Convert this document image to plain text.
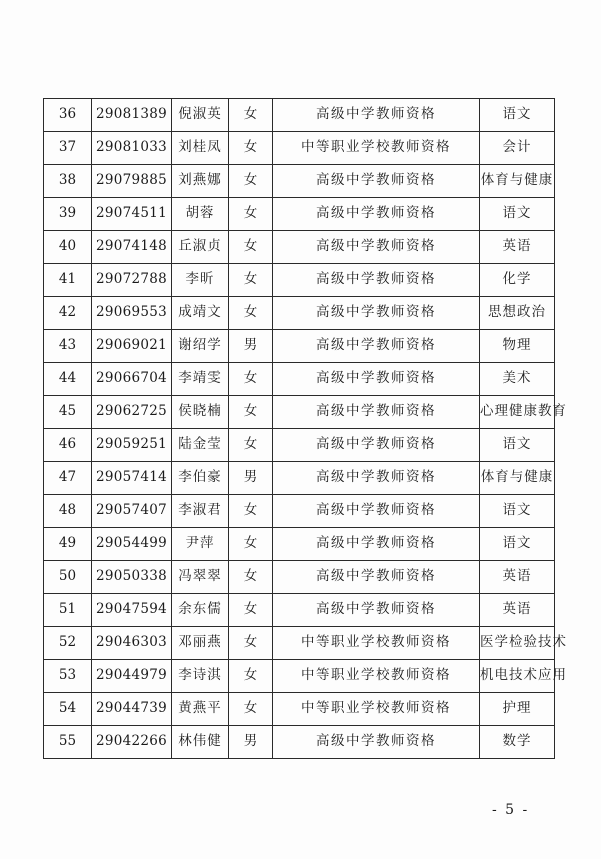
36	29081389	倪淑英	女	高级中学教师资格	语文
37	29081033	刘桂凤	女	中等职业学校教师资格	会计
38	29079885	刘燕娜	女	高级中学教师资格	体育与健康
39	29074511	胡蓉	女	高级中学教师资格	语文
40	29074148	丘淑贞	女	高级中学教师资格	英语
41	29072788	李昕	女	高级中学教师资格	化学
42	29069553	成靖文	女	高级中学教师资格	思想政治
43	29069021	谢绍学	男	高级中学教师资格	物理
44	29066704	李靖雯	女	高级中学教师资格	美术
45	29062725	侯晓楠	女	高级中学教师资格	心理健康教育
46	29059251	陆金莹	女	高级中学教师资格	语文
47	29057414	李伯豪	男	高级中学教师资格	体育与健康
48	29057407	李淑君	女	高级中学教师资格	语文
49	29054499	尹萍	女	高级中学教师资格	语文
50	29050338	冯翠翠	女	高级中学教师资格	英语
51	29047594	余东儒	女	高级中学教师资格	英语
52	29046303	邓丽燕	女	中等职业学校教师资格	医学检验技术
53	29044979	李诗淇	女	中等职业学校教师资格	机电技术应用
54	29044739	黄燕平	女	中等职业学校教师资格	护理
55	29042266	林伟健	男	高级中学教师资格	数学
- 5 -
